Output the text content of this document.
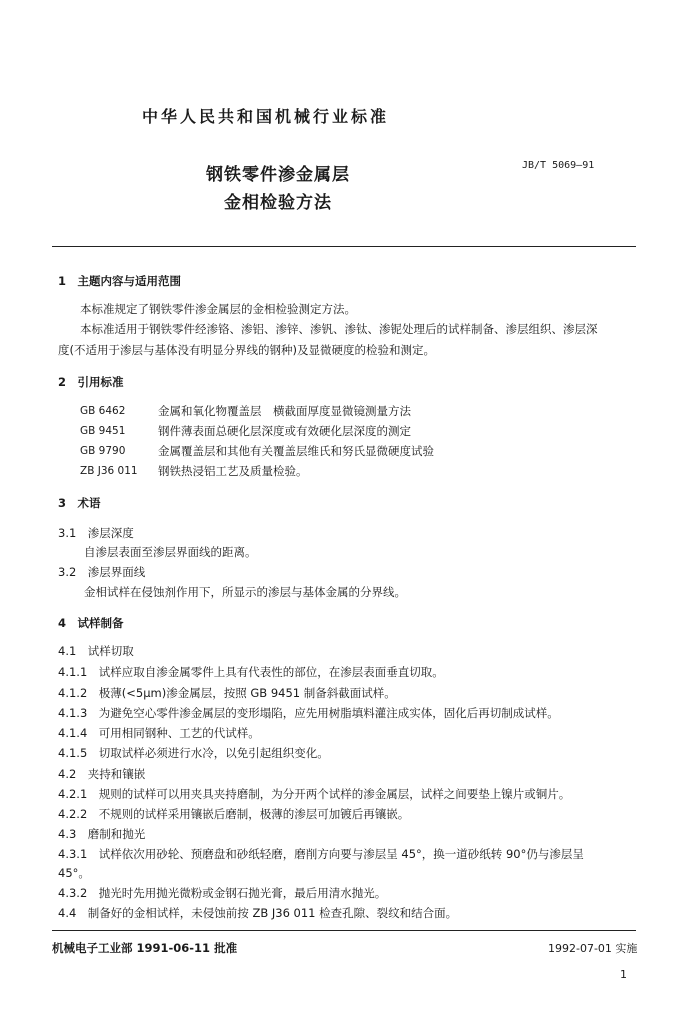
中华人民共和国机械行业标准
钢铁零件渗金属层	JB/T 5069—91
金相检验方法
1　主题内容与适用范围
本标准规定了钢铁零件渗金属层的金相检验测定方法。
本标准适用于钢铁零件经渗铬、渗铝、渗锌、渗钒、渗钛、渗铌处理后的试样制备、渗层组织、渗层深
度(不适用于渗层与基体没有明显分界线的钢种)及显微硬度的检验和测定。
2　引用标准
GB 6462	金属和氧化物覆盖层　横截面厚度显微镜测量方法
GB 9451	钢件薄表面总硬化层深度或有效硬化层深度的测定
GB 9790	金属覆盖层和其他有关覆盖层维氏和努氏显微硬度试验
ZB J36 011 钢铁热浸铝工艺及质量检验。
3　术语
3.1　渗层深度
自渗层表面至渗层界面线的距离。
3.2　渗层界面线
金相试样在侵蚀剂作用下，所显示的渗层与基体金属的分界线。
4　试样制备
4.1　试样切取
4.1.1　试样应取自渗金属零件上具有代表性的部位，在渗层表面垂直切取。
4.1.2　极薄(<5μm)渗金属层，按照 GB 9451 制备斜截面试样。
4.1.3　为避免空心零件渗金属层的变形塌陷，应先用树脂填料灌注成实体，固化后再切制成试样。
4.1.4　可用相同钢种、工艺的代试样。
4.1.5　切取试样必须进行水冷，以免引起组织变化。
4.2　夹持和镶嵌
4.2.1　规则的试样可以用夹具夹持磨制，为分开两个试样的渗金属层，试样之间要垫上镍片或铜片。
4.2.2　不规则的试样采用镶嵌后磨制，极薄的渗层可加镀后再镶嵌。
4.3　磨制和抛光
4.3.1　试样依次用砂轮、预磨盘和砂纸轻磨，磨削方向要与渗层呈 45°，换一道砂纸转 90°仍与渗层呈
45°。
4.3.2　抛光时先用抛光微粉或金钢石抛光膏，最后用清水抛光。
4.4　制备好的金相试样，未侵蚀前按 ZB J36 011 检查孔隙、裂纹和结合面。
机械电子工业部 1991-06-11 批准	1992-07-01 实施
1
